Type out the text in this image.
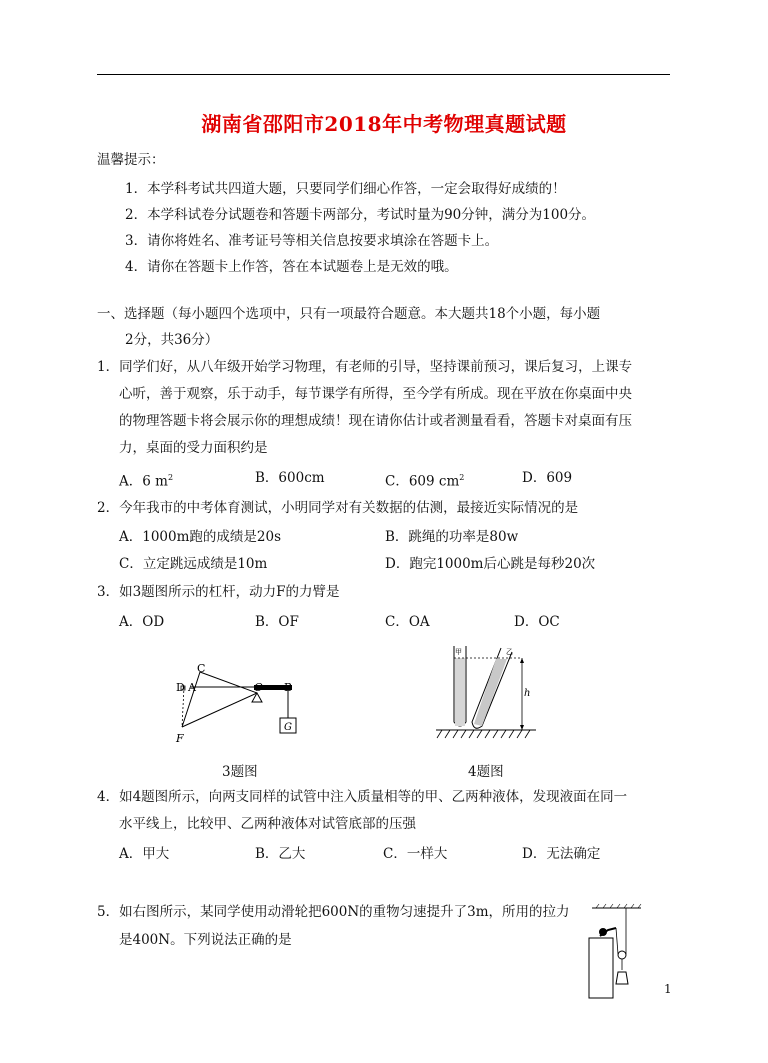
湖南省邵阳市2018年中考物理真题试题
温馨提示：
1．本学科考试共四道大题，只要同学们细心作答，一定会取得好成绩的！
2．本学科试卷分试题卷和答题卡两部分，考试时量为90分钟，满分为100分。
3．请你将姓名、准考证号等相关信息按要求填涂在答题卡上。
4．请你在答题卡上作答，答在本试题卷上是无效的哦。
一、选择题（每小题四个选项中，只有一项最符合题意。本大题共18个小题，每小题
2分，共36分）
1．同学们好，从八年级开始学习物理，有老师的引导，坚持课前预习，课后复习，上课专
心听，善于观察，乐于动手，每节课学有所得，至今学有所成。现在平放在你桌面中央
的物理答题卡将会展示你的理想成绩！现在请你估计或者测量看看，答题卡对桌面有压
力，桌面的受力面积约是
A．6 $m^2$	B．600cm	C．609 $cm^2$	D．609
2．今年我市的中考体育测试，小明同学对有关数据的估测，最接近实际情况的是
A．1000m跑的成绩是20s	B．跳绳的功率是80w
C．立定跳远成绩是10m	D．跑完1000m后心跳是每秒20次
3．如3题图所示的杠杆，动力F的力臂是
A．OD	B．OF	C．OA	D．OC
C
D A	O B
G
F
3题图
h
甲	乙
4题图
4．如4题图所示，向两支同样的试管中注入质量相等的甲、乙两种液体，发现液面在同一
水平线上，比较甲、乙两种液体对试管底部的压强
A．甲大	B．乙大	C．一样大	D．无法确定
5．如右图所示，某同学使用动滑轮把600N的重物匀速提升了3m，所用的拉力
是400N。下列说法正确的是
1
